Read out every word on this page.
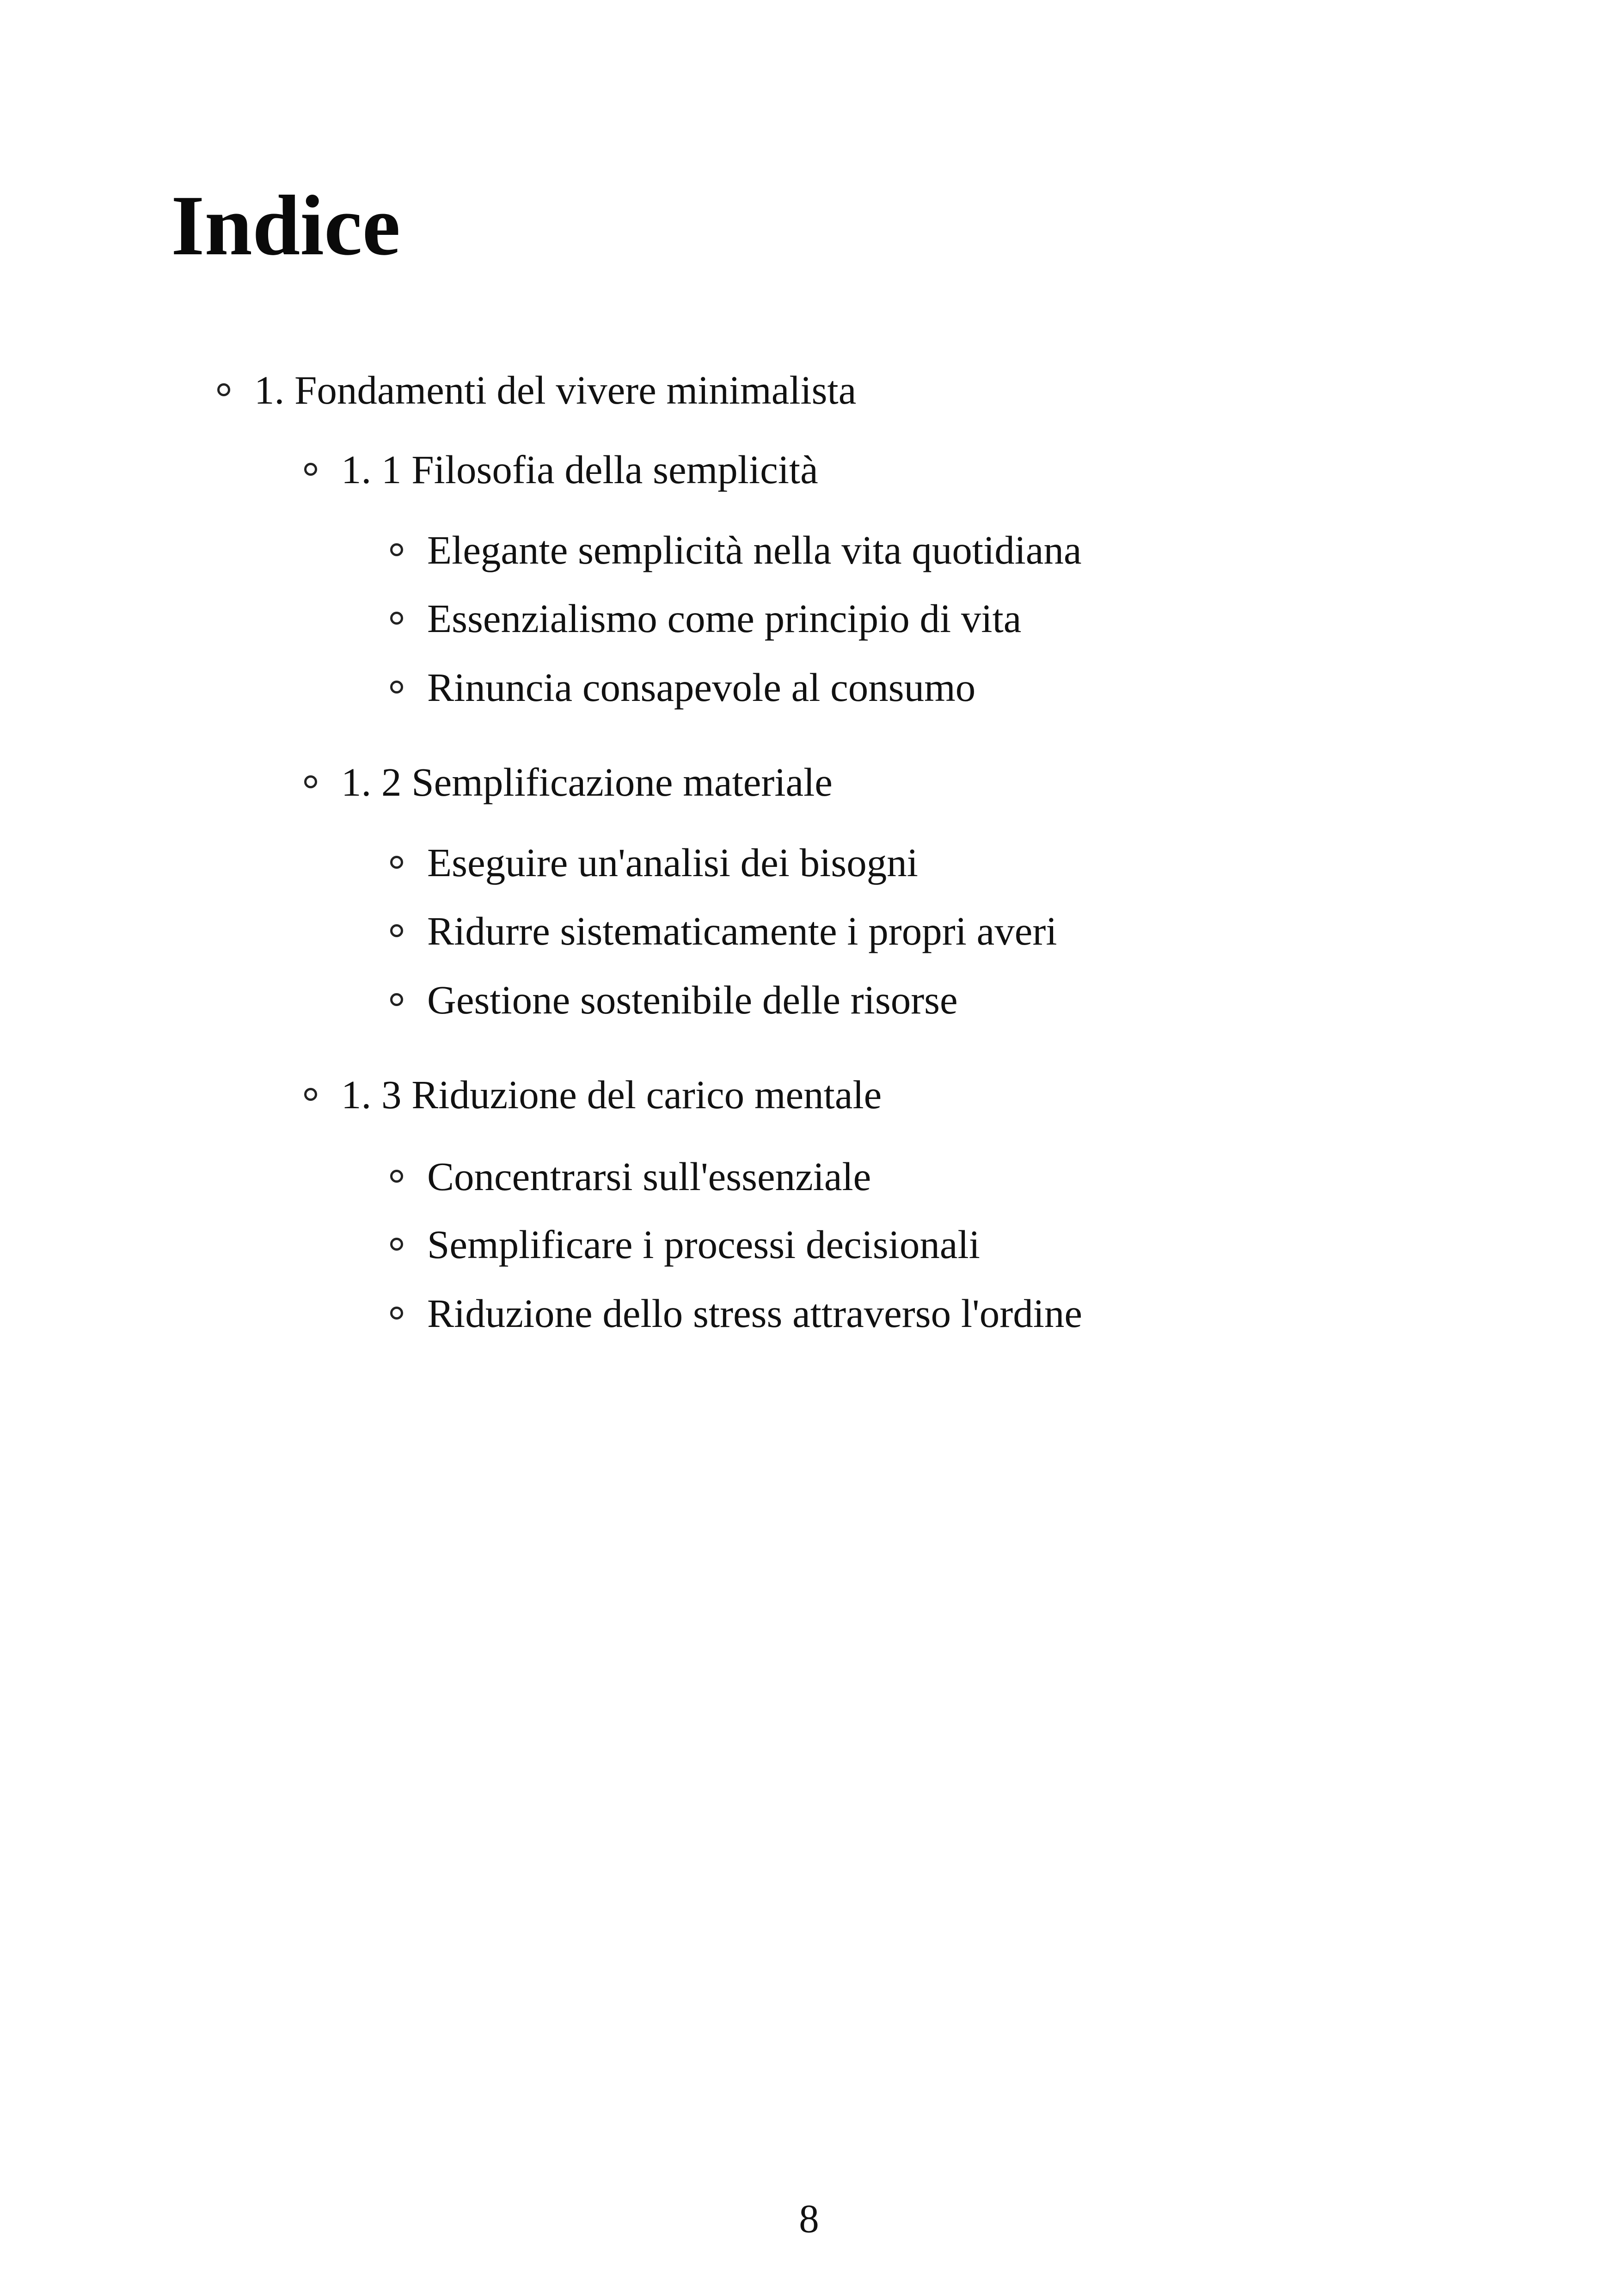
Indice
1. Fondamenti del vivere minimalista
1. 1 Filosofia della semplicità
Elegante semplicità nella vita quotidiana
Essenzialismo come principio di vita
Rinuncia consapevole al consumo
1. 2 Semplificazione materiale
Eseguire un'analisi dei bisogni
Ridurre sistematicamente i propri averi
Gestione sostenibile delle risorse
1. 3 Riduzione del carico mentale
Concentrarsi sull'essenziale
Semplificare i processi decisionali
Riduzione dello stress attraverso l'ordine
8
